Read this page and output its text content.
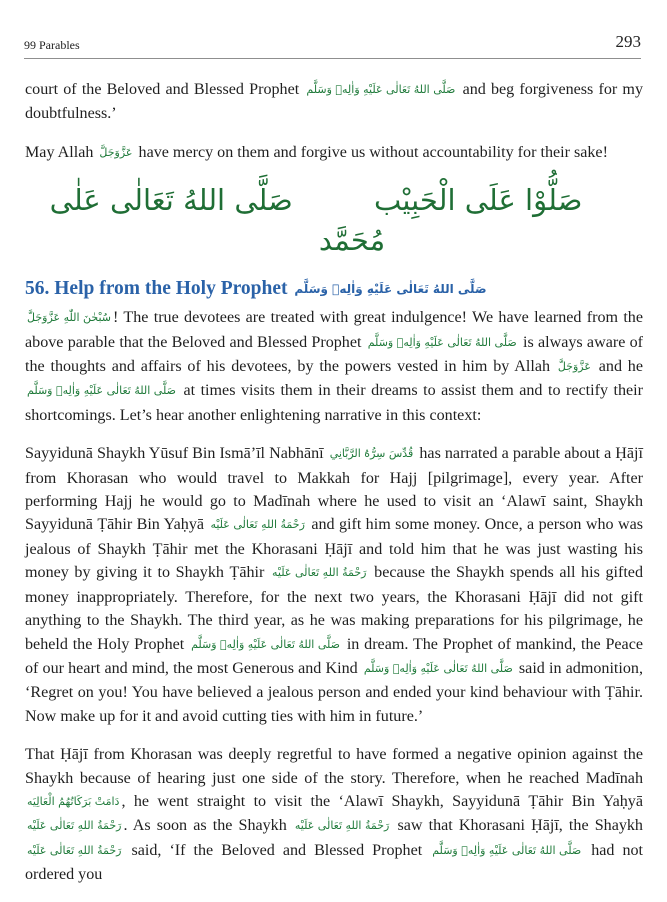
99 Parables	293

court of the Beloved and Blessed Prophet صَلَّى اللهُ تَعَالٰى عَلَيْهِ وَاٰلِهٖ وَسَلَّم and beg forgiveness for my doubtfulness.’

May Allah عَزَّوَجَلَّ have mercy on them and forgive us without accountability for their sake!

صَلُّوْا عَلَى الْحَبِيْب صَلَّى اللهُ تَعَالٰى عَلٰى مُحَمَّد
56. Help from the Holy Prophet صَلَّى اللهُ تَعَالٰى عَلَيْهِ وَاٰلِهٖ وَسَلَّم

سُبْحٰنَ اللّٰهِ عَزَّوَجَلَّ ! The true devotees are treated with great indulgence! We have learned from the above parable that the Beloved and Blessed Prophet صَلَّى اللهُ تَعَالٰى عَلَيْهِ وَاٰلِهٖ وَسَلَّم is always aware of the thoughts and affairs of his devotees, by the powers vested in him by Allah عَزَّوَجَلَّ and he صَلَّى اللهُ تَعَالٰى عَلَيْهِ وَاٰلِهٖ وَسَلَّم at times visits them in their dreams to assist them and to rectify their shortcomings. Let’s hear another enlightening narrative in this context:

Sayyidunā Shaykh Yūsuf Bin Ismā’īl Nabhānī قُدِّسَ سِرُّهُ الرَّبَّانِي has narrated a parable about a Ḥājī from Khorasan who would travel to Makkah for Hajj [pilgrimage], every year. After performing Hajj he would go to Madīnah where he used to visit an ‘Alawī saint, Shaykh Sayyidunā Ṭāhir Bin Yaḥyā رَحْمَةُ اللهِ تَعَالٰى عَلَيْه and gift him some money. Once, a person who was jealous of Shaykh Ṭāhir met the Khorasani Ḥājī and told him that he was just wasting his money by giving it to Shaykh Ṭāhir رَحْمَةُ اللهِ تَعَالٰى عَلَيْه because the Shaykh spends all his gifted money inappropriately. Therefore, for the next two years, the Khorasani Ḥājī did not gift anything to the Shaykh. The third year, as he was making preparations for his pilgrimage, he beheld the Holy Prophet صَلَّى اللهُ تَعَالٰى عَلَيْهِ وَاٰلِهٖ وَسَلَّم in dream. The Prophet of mankind, the Peace of our heart and mind, the most Generous and Kind صَلَّى اللهُ تَعَالٰى عَلَيْهِ وَاٰلِهٖ وَسَلَّم said in admonition, ‘Regret on you! You have believed a jealous person and ended your kind behaviour with Ṭāhir. Now make up for it and avoid cutting ties with him in future.’

That Ḥājī from Khorasan was deeply regretful to have formed a negative opinion against the Shaykh because of hearing just one side of the story. Therefore, when he reached Madīnah دَامَتْ بَرَكَاتُهُمُ الْعَالِيَه , he went straight to visit the ‘Alawī Shaykh, Sayyidunā Ṭāhir Bin Yaḥyā رَحْمَةُ اللهِ تَعَالٰى عَلَيْه . As soon as the Shaykh رَحْمَةُ اللهِ تَعَالٰى عَلَيْه saw that Khorasani Ḥājī, the Shaykh رَحْمَةُ اللهِ تَعَالٰى عَلَيْه said, ‘If the Beloved and Blessed Prophet صَلَّى اللهُ تَعَالٰى عَلَيْهِ وَاٰلِهٖ وَسَلَّم had not ordered you
